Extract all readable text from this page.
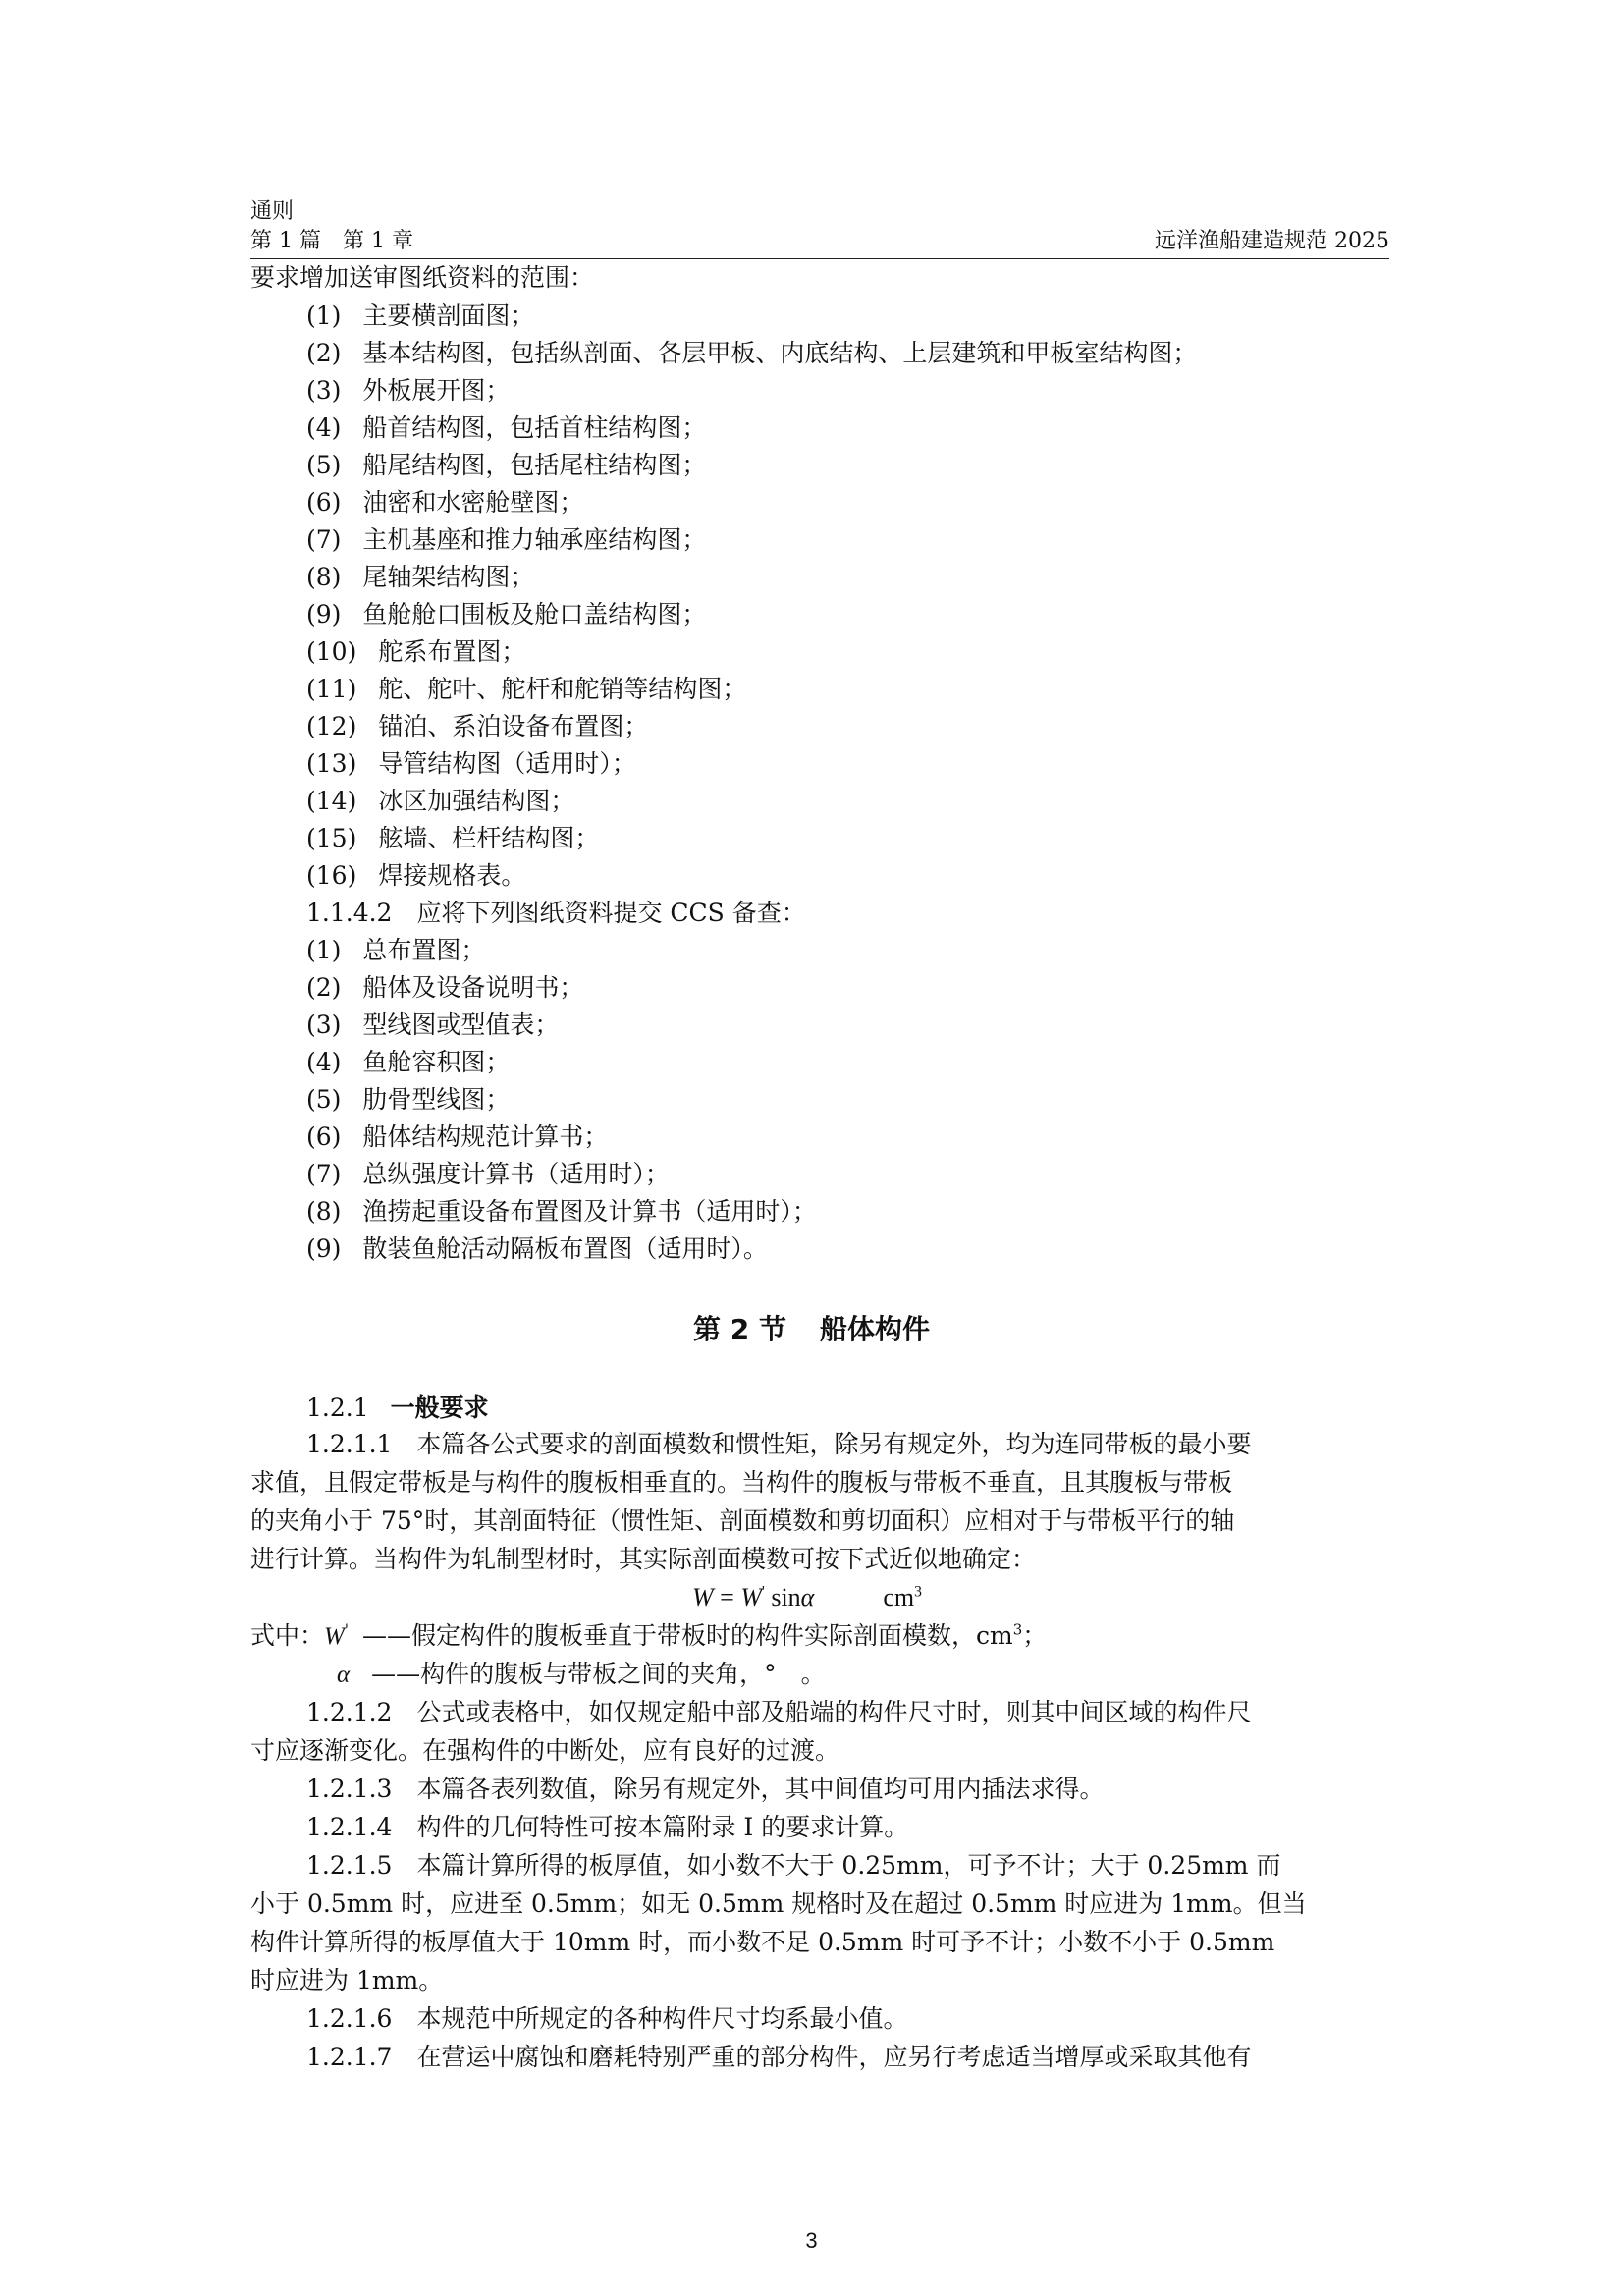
通则
第 1 篇　第 1 章	远洋渔船建造规范 2025
要求增加送审图纸资料的范围：
(1) 主要横剖面图；
(2) 基本结构图，包括纵剖面、各层甲板、内底结构、上层建筑和甲板室结构图；
(3) 外板展开图；
(4) 船首结构图，包括首柱结构图；
(5) 船尾结构图，包括尾柱结构图；
(6) 油密和水密舱壁图；
(7) 主机基座和推力轴承座结构图；
(8) 尾轴架结构图；
(9) 鱼舱舱口围板及舱口盖结构图；
(10) 舵系布置图；
(11) 舵、舵叶、舵杆和舵销等结构图；
(12) 锚泊、系泊设备布置图；
(13) 导管结构图（适用时）；
(14) 冰区加强结构图；
(15) 舷墙、栏杆结构图；
(16) 焊接规格表。
1.1.4.2　应将下列图纸资料提交 CCS 备查：
(1) 总布置图；
(2) 船体及设备说明书；
(3) 型线图或型值表；
(4) 鱼舱容积图；
(5) 肋骨型线图；
(6) 船体结构规范计算书；
(7) 总纵强度计算书（适用时）；
(8) 渔捞起重设备布置图及计算书（适用时）；
(9) 散装鱼舱活动隔板布置图（适用时）。
第 2 节 船体构件
1.2.1 一般要求
1.2.1.1　本篇各公式要求的剖面模数和惯性矩，除另有规定外，均为连同带板的最小要
求值，且假定带板是与构件的腹板相垂直的。当构件的腹板与带板不垂直，且其腹板与带板
的夹角小于 75°时，其剖面特征（惯性矩、剖面模数和剪切面积）应相对于与带板平行的轴
进行计算。当构件为轧制型材时，其实际剖面模数可按下式近似地确定：
W = W' sinα	$cm^3$
式中：W' ——假定构件的腹板垂直于带板时的构件实际剖面模数，$cm^3$；
α ——构件的腹板与带板之间的夹角，°　。
1.2.1.2　公式或表格中，如仅规定船中部及船端的构件尺寸时，则其中间区域的构件尺
寸应逐渐变化。在强构件的中断处，应有良好的过渡。
1.2.1.3　本篇各表列数值，除另有规定外，其中间值均可用内插法求得。
1.2.1.4　构件的几何特性可按本篇附录 I 的要求计算。
1.2.1.5　本篇计算所得的板厚值，如小数不大于 0.25mm，可予不计；大于 0.25mm 而
小于 0.5mm 时，应进至 0.5mm；如无 0.5mm 规格时及在超过 0.5mm 时应进为 1mm。但当
构件计算所得的板厚值大于 10mm 时，而小数不足 0.5mm 时可予不计；小数不小于 0.5mm
时应进为 1mm。
1.2.1.6　本规范中所规定的各种构件尺寸均系最小值。
1.2.1.7　在营运中腐蚀和磨耗特别严重的部分构件，应另行考虑适当增厚或采取其他有
3
